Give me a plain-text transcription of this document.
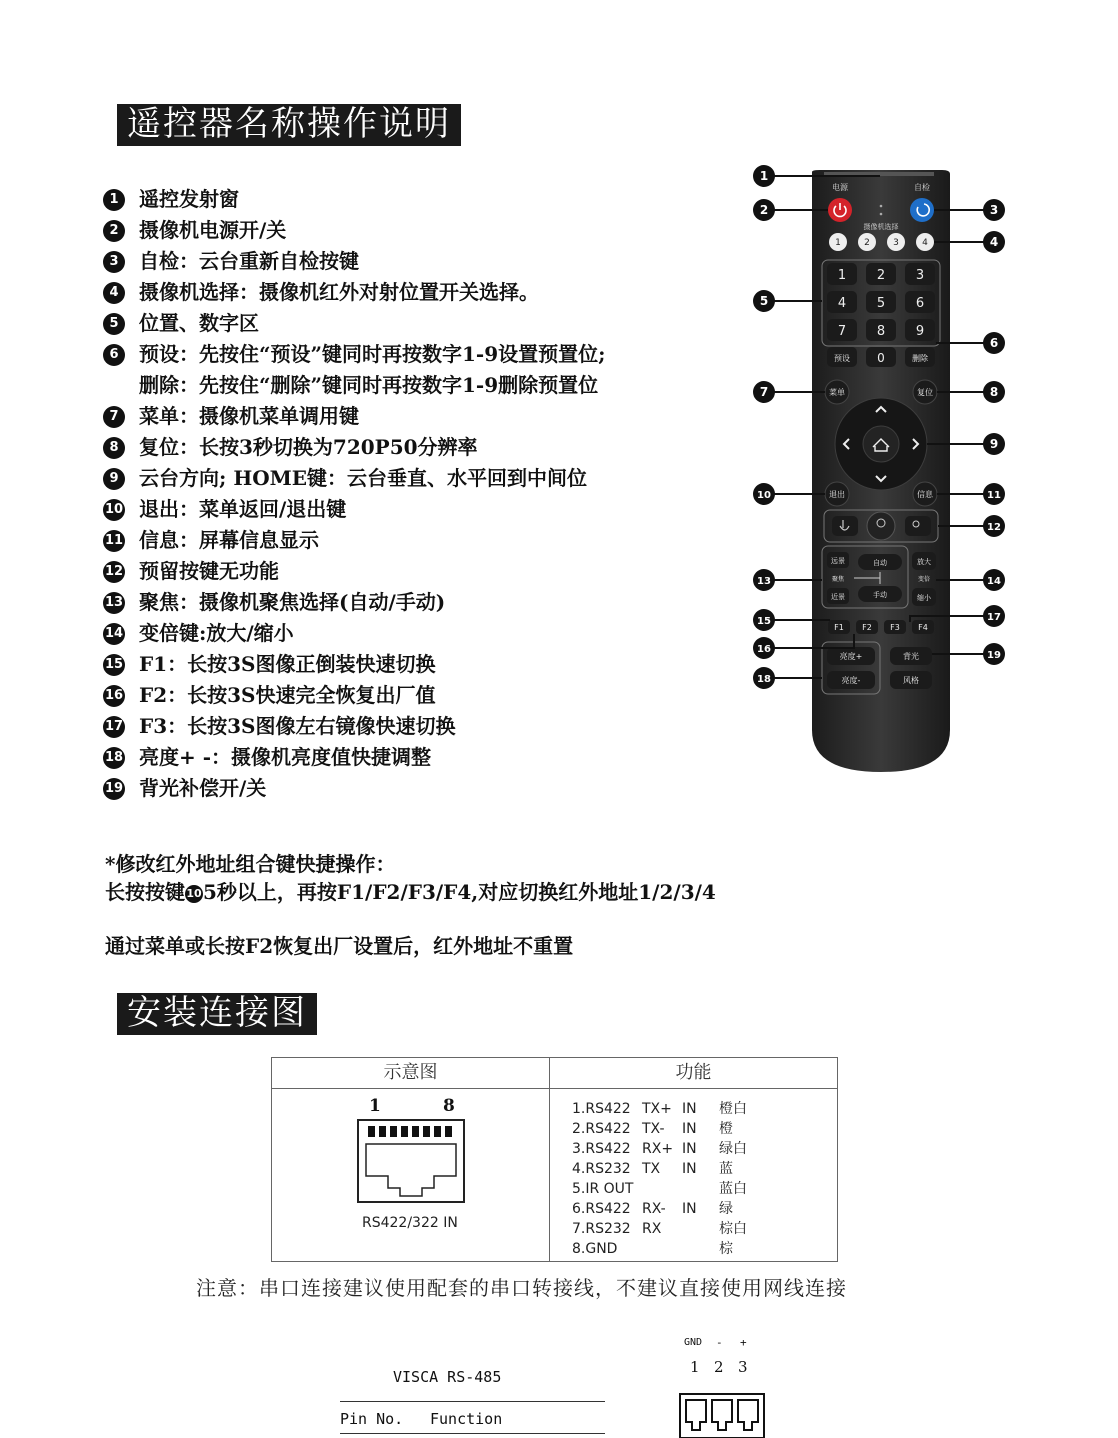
遥控器名称操作说明
1	遥控发射窗
2	摄像机电源开/关
3	自检：云台重新自检按键
4	摄像机选择：摄像机红外对射位置开关选择。
5	位置、数字区
6	预设：先按住“预设”键同时再按数字1-9设置预置位;
删除：先按住“删除”键同时再按数字1-9删除预置位
7	菜单：摄像机菜单调用键
8	复位：长按3秒切换为720P50分辨率
9	云台方向; HOME键：云台垂直、水平回到中间位
10 退出：菜单返回/退出键
11 信息：屏幕信息显示
12 预留按键无功能
13 聚焦：摄像机聚焦选择(自动/手动)
14 变倍键:放大/缩小
15 F1：长按3S图像正倒装快速切换
16 F2：长按3S快速完全恢复出厂值
17 F3：长按3S图像左右镜像快速切换
18 亮度+ -：摄像机亮度值快捷调整
19 背光补偿开/关
*修改红外地址组合键快捷操作：
长按按键105秒以上，再按F1/F2/F3/F4,对应切换红外地址1/2/3/4
通过菜单或长按F2恢复出厂设置后，红外地址不重置
电源	自检
摄像机选择
1	2	3	4
1 2 3
4 5 6
7 8 9
预设 0	删除
菜单	复位
退出	信息
远景
聚焦
近景
自动
手动
放大
变倍
缩小
F1 F2 F3 F4
亮度+
亮度-
背光
风格
1
2	3
4
5
6
7	8
9
10	11
12
13	14
15
16
17
18
19
安装连接图
示意图	功能
1	8
RS422/322 IN
1.RS422 TX+ IN 橙白
2.RS422 TX- IN 橙
3.RS422 RX+ IN 绿白
4.RS232 TX IN 蓝
5.IR OUT	蓝白
6.RS422 RX- IN 绿
7.RS232 RX	棕白
8.GND	棕
注意：串口连接建议使用配套的串口转接线，不建议直接使用网线连接
VISCA RS-485
Pin No. Function
GND - +
1 2 3
